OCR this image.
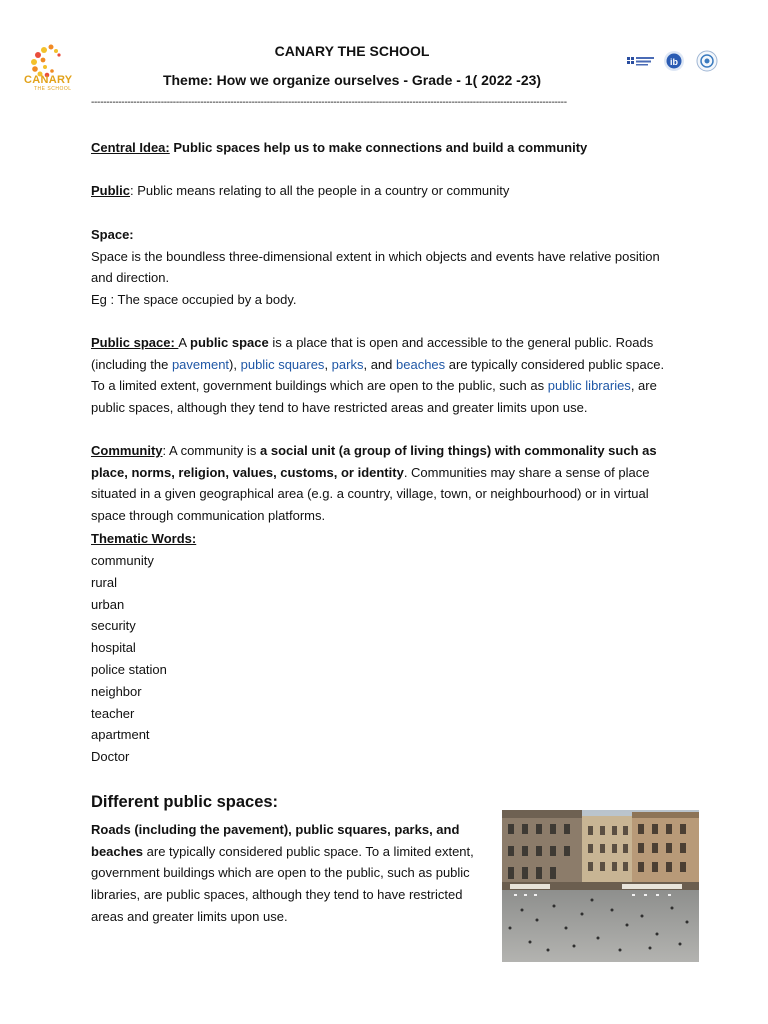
CANARY
THE SCHOOL
CANARY THE SCHOOL
Theme: How we organize ourselves - Grade - 1( 2022 -23)
ib
-------------------------------------------------------------------------------------------------------------------------------------------------------------
Central Idea: Public spaces help us to make connections and build a community
Public: Public means relating to all the people in a country or community
Space:
Space is the boundless three-dimensional extent in which objects and events have relative position and direction.
Eg : The space occupied by a body.
Public space: A public space is a place that is open and accessible to the general public. Roads (including the pavement), public squares, parks, and beaches are typically considered public space. To a limited extent, government buildings which are open to the public, such as public libraries, are public spaces, although they tend to have restricted areas and greater limits upon use.
Community: A community is a social unit (a group of living things) with commonality such as place, norms, religion, values, customs, or identity. Communities may share a sense of place situated in a given geographical area (e.g. a country, village, town, or neighbourhood) or in virtual space through communication platforms.
Thematic Words:
community
rural
urban
security
hospital
police station
neighbor
teacher
apartment
Doctor
Different public spaces:
Roads (including the pavement), public squares, parks, and beaches are typically considered public space. To a limited extent, government buildings which are open to the public, such as public libraries, are public spaces, although they tend to have restricted areas and greater limits upon use.
